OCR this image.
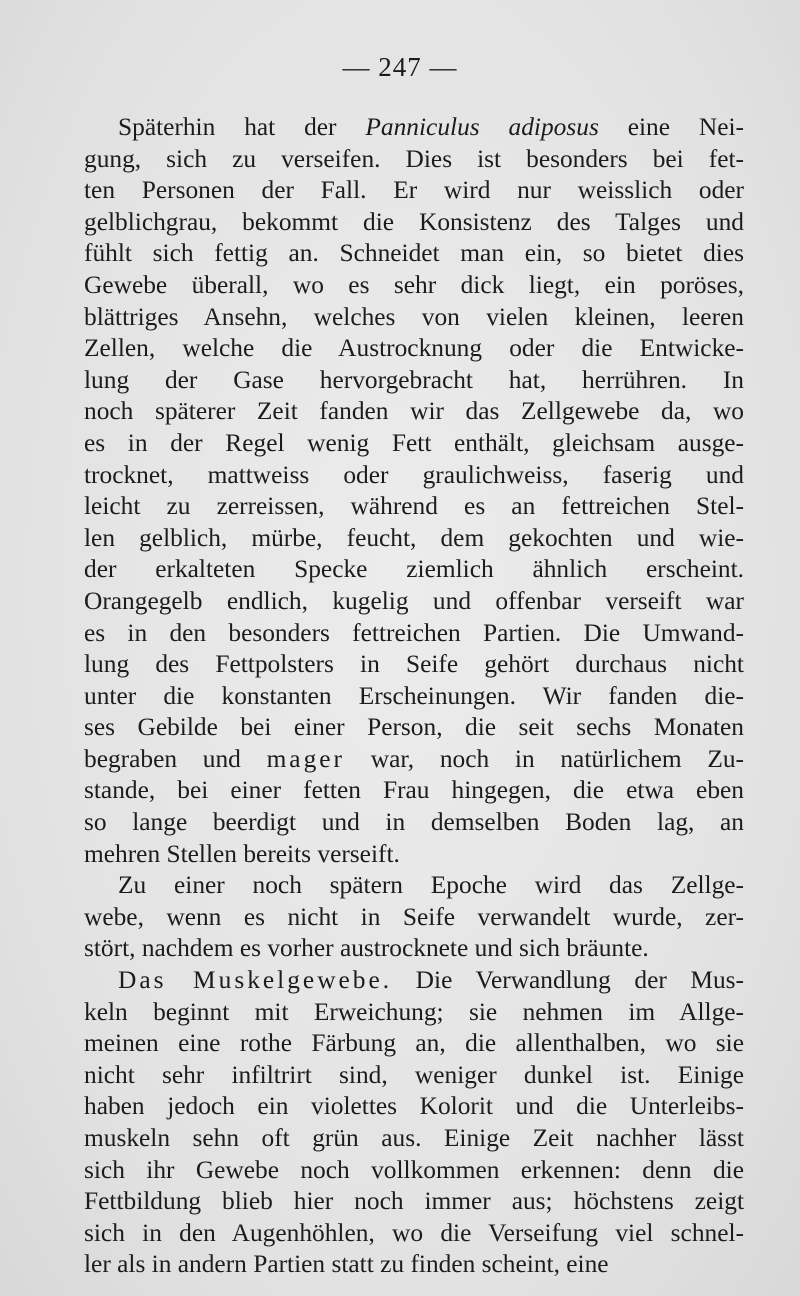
— 247 —
Späterhin hat der Panniculus adiposus eine Nei-
gung, sich zu verseifen. Dies ist besonders bei fet-
ten Personen der Fall. Er wird nur weisslich oder
gelblichgrau, bekommt die Konsistenz des Talges und
fühlt sich fettig an. Schneidet man ein, so bietet dies
Gewebe überall, wo es sehr dick liegt, ein poröses,
blättriges Ansehn, welches von vielen kleinen, leeren
Zellen, welche die Austrocknung oder die Entwicke-
lung der Gase hervorgebracht hat, herrühren. In
noch späterer Zeit fanden wir das Zellgewebe da, wo
es in der Regel wenig Fett enthält, gleichsam ausge-
trocknet, mattweiss oder graulichweiss, faserig und
leicht zu zerreissen, während es an fettreichen Stel-
len gelblich, mürbe, feucht, dem gekochten und wie-
der erkalteten Specke ziemlich ähnlich erscheint.
Orangegelb endlich, kugelig und offenbar verseift war
es in den besonders fettreichen Partien. Die Umwand-
lung des Fettpolsters in Seife gehört durchaus nicht
unter die konstanten Erscheinungen. Wir fanden die-
ses Gebilde bei einer Person, die seit sechs Monaten
begraben und mager war, noch in natürlichem Zu-
stande, bei einer fetten Frau hingegen, die etwa eben
so lange beerdigt und in demselben Boden lag, an
mehren Stellen bereits verseift.
Zu einer noch spätern Epoche wird das Zellge-
webe, wenn es nicht in Seife verwandelt wurde, zer-
stört, nachdem es vorher austrocknete und sich bräunte.
Das Muskelgewebe. Die Verwandlung der Mus-
keln beginnt mit Erweichung; sie nehmen im Allge-
meinen eine rothe Färbung an, die allenthalben, wo sie
nicht sehr infiltrirt sind, weniger dunkel ist. Einige
haben jedoch ein violettes Kolorit und die Unterleibs-
muskeln sehn oft grün aus. Einige Zeit nachher lässt
sich ihr Gewebe noch vollkommen erkennen: denn die
Fettbildung blieb hier noch immer aus; höchstens zeigt
sich in den Augenhöhlen, wo die Verseifung viel schnel-
ler als in andern Partien statt zu finden scheint, eine
